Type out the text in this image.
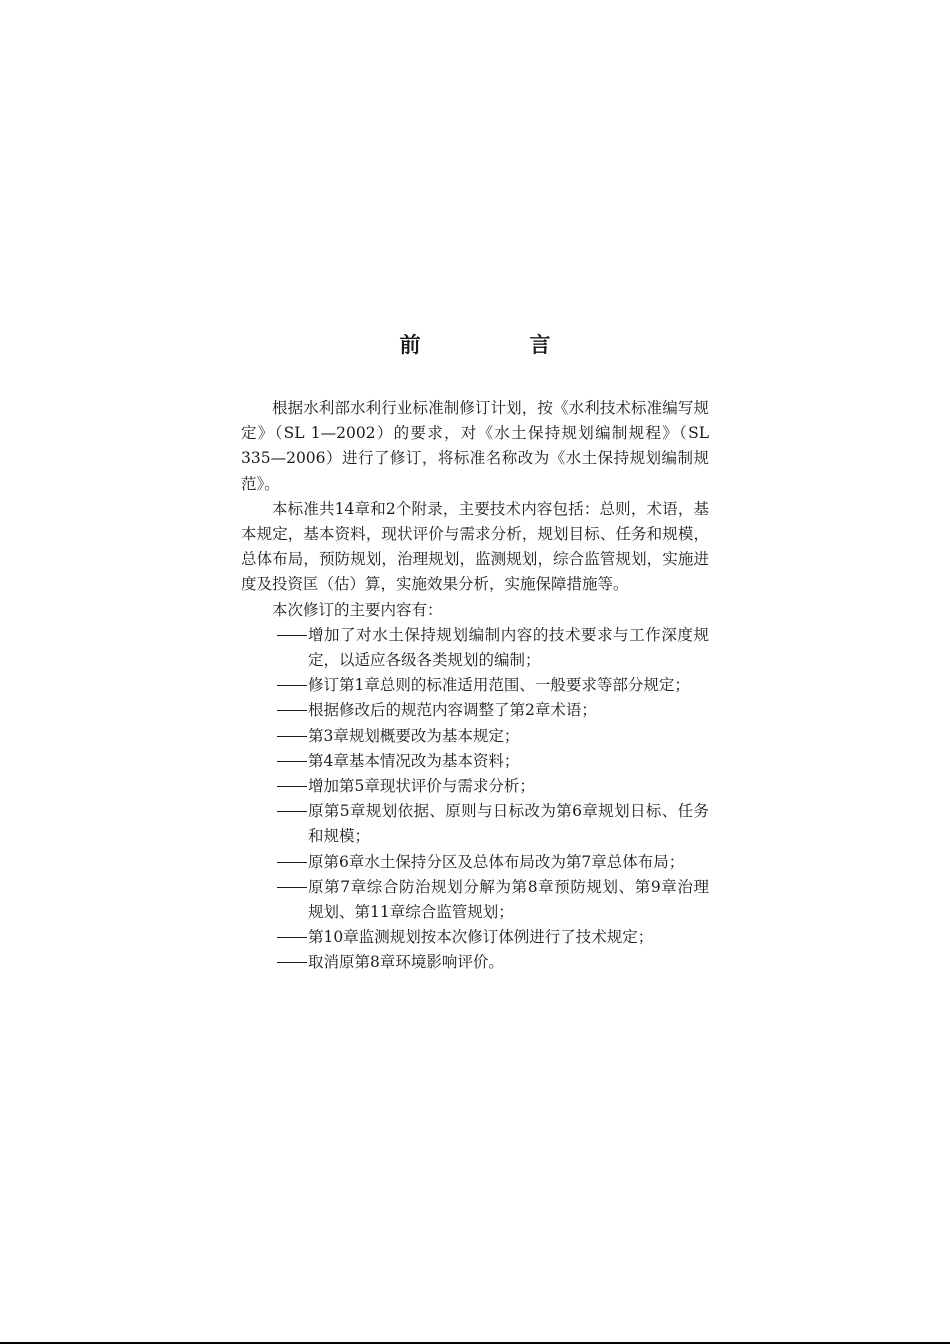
前　言

根据水利部水利行业标准制修订计划，按《水利技术标准编写规定》（SL 1—2002）的要求，对《水土保持规划编制规程》（SL 335—2006）进行了修订，将标准名称改为《水土保持规划编制规范》。

本标准共14章和2个附录，主要技术内容包括：总则，术语，基本规定，基本资料，现状评价与需求分析，规划目标、任务和规模，总体布局，预防规划，治理规划，监测规划，综合监管规划，实施进度及投资匡（估）算，实施效果分析，实施保障措施等。

本次修订的主要内容有：

增加了对水土保持规划编制内容的技术要求与工作深度规定，以适应各级各类规划的编制；
修订第1章总则的标准适用范围、一般要求等部分规定；
根据修改后的规范内容调整了第2章术语；
第3章规划概要改为基本规定；
第4章基本情况改为基本资料；
增加第5章现状评价与需求分析；
原第5章规划依据、原则与日标改为第6章规划日标、任务和规模；
原第6章水土保持分区及总体布局改为第7章总体布局；
原第7章综合防治规划分解为第8章预防规划、第9章治理规划、第11章综合监管规划；
第10章监测规划按本次修订体例进行了技术规定；
取消原第8章环境影响评价。
